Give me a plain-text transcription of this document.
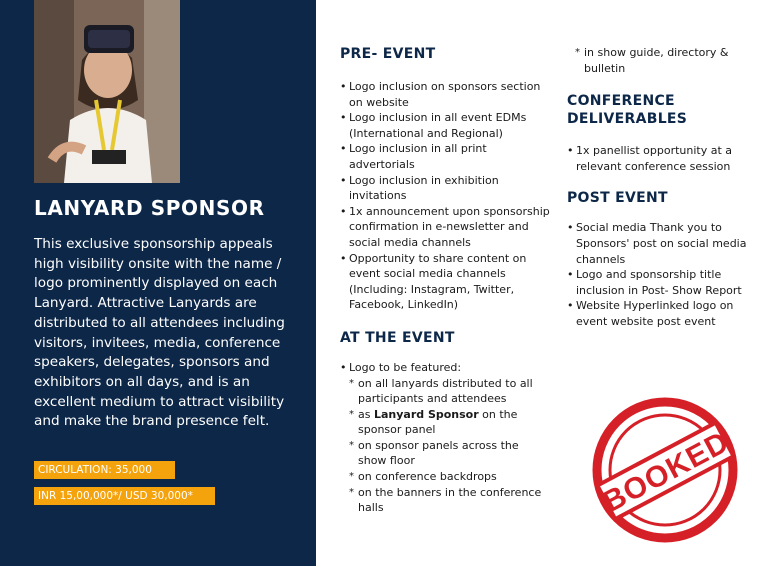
LANYARD SPONSOR
This exclusive sponsorship appeals high visibility onsite with the name / logo prominently displayed on each Lanyard. Attractive Lanyards are distributed to all attendees including visitors, invitees, media, conference speakers, delegates, sponsors and exhibitors on all days, and is an excellent medium to attract visibility and make the brand presence felt.
CIRCULATION: 35,000
INR 15,00,000*/ USD 30,000*
PRE- EVENT
• Logo inclusion on sponsors section on website
• Logo inclusion in all event EDMs (International and Regional)
• Logo inclusion in all print advertorials
• Logo inclusion in exhibition invitations
• 1x announcement upon sponsorship confirmation in e-newsletter and social media channels
• Opportunity to share content on event social media channels (Including: Instagram, Twitter, Facebook, LinkedIn)
AT THE EVENT
• Logo to be featured:
* on all lanyards distributed to all participants and attendees
* as Lanyard Sponsor on the sponsor panel
* on sponsor panels across the show floor
* on conference backdrops
* on the banners in the conference halls
* in show guide, directory & bulletin
CONFERENCE DELIVERABLES
• 1x panellist opportunity at a relevant conference session
POST EVENT
• Social media Thank you to Sponsors' post on social media channels
• Logo and sponsorship title inclusion in Post- Show Report
• Website Hyperlinked logo on event website post event
BOOKED
